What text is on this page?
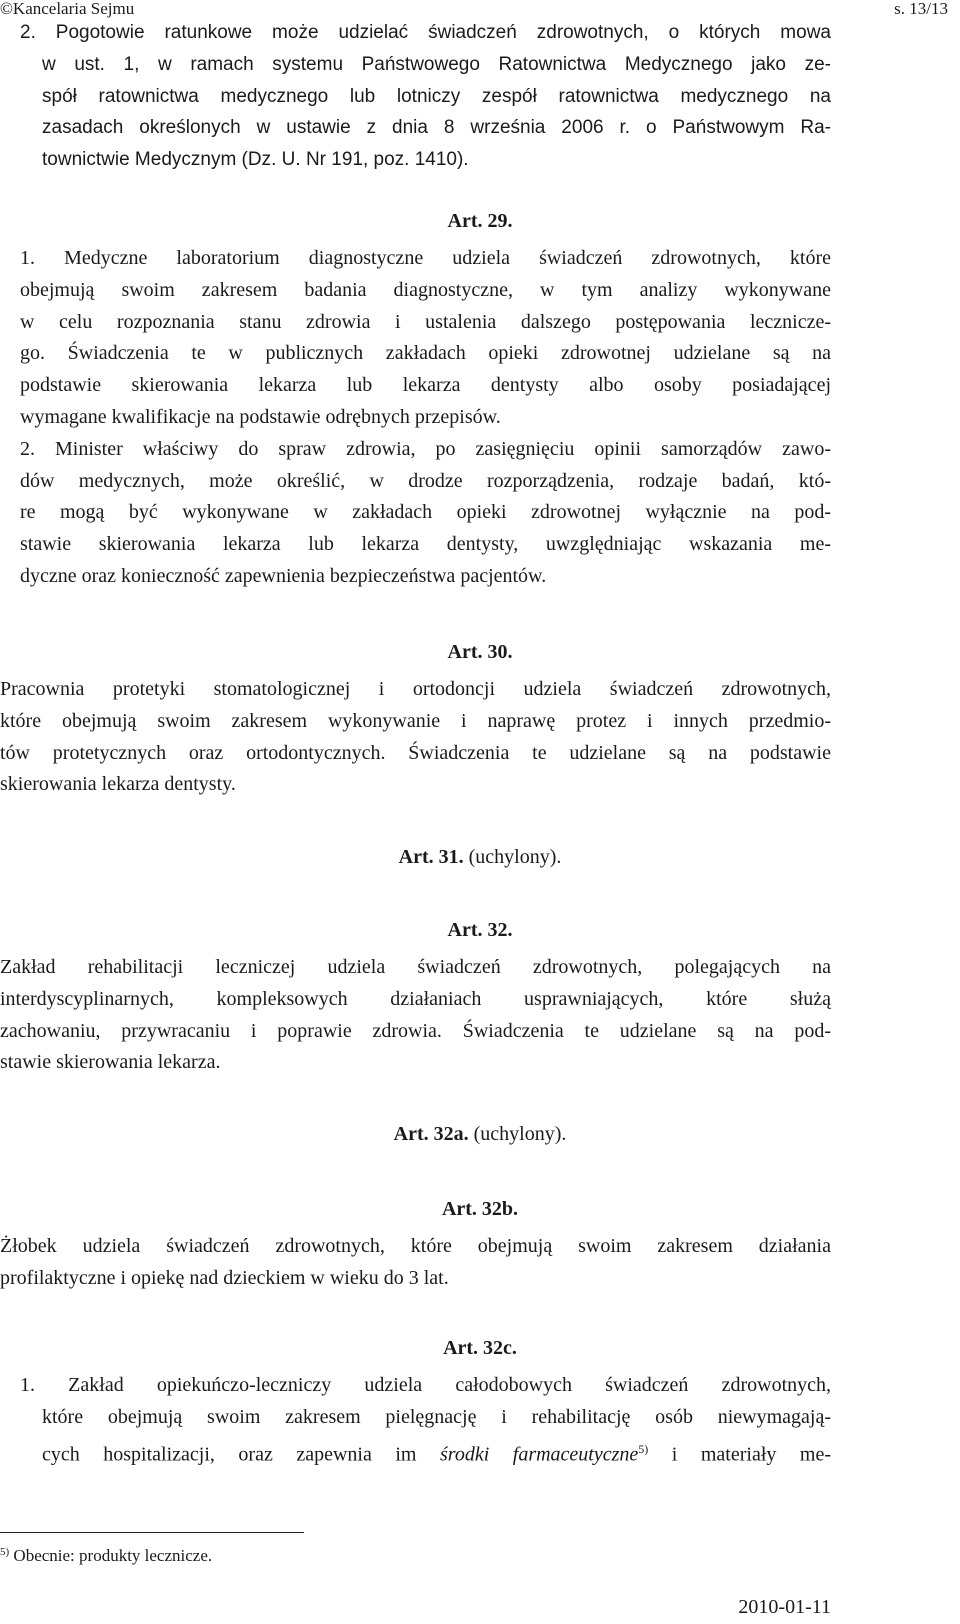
©Kancelaria Sejmu	s. 13/13
2. Pogotowie ratunkowe może udzielać świadczeń zdrowotnych, o których mowa
w ust. 1, w ramach systemu Państwowego Ratownictwa Medycznego jako ze-
spół ratownictwa medycznego lub lotniczy zespół ratownictwa medycznego na
zasadach określonych w ustawie z dnia 8 września 2006 r. o Państwowym Ra-
townictwie Medycznym (Dz. U. Nr 191, poz. 1410).
Art. 29.
1. Medyczne laboratorium diagnostyczne udziela świadczeń zdrowotnych, które
obejmują swoim zakresem badania diagnostyczne, w tym analizy wykonywane
w celu rozpoznania stanu zdrowia i ustalenia dalszego postępowania lecznicze-
go. Świadczenia te w publicznych zakładach opieki zdrowotnej udzielane są na
podstawie skierowania lekarza lub lekarza dentysty albo osoby posiadającej
wymagane kwalifikacje na podstawie odrębnych przepisów.
2. Minister właściwy do spraw zdrowia, po zasięgnięciu opinii samorządów zawo-
dów medycznych, może określić, w drodze rozporządzenia, rodzaje badań, któ-
re mogą być wykonywane w zakładach opieki zdrowotnej wyłącznie na pod-
stawie skierowania lekarza lub lekarza dentysty, uwzględniając wskazania me-
dyczne oraz konieczność zapewnienia bezpieczeństwa pacjentów.
Art. 30.
Pracownia protetyki stomatologicznej i ortodoncji udziela świadczeń zdrowotnych,
które obejmują swoim zakresem wykonywanie i naprawę protez i innych przedmio-
tów protetycznych oraz ortodontycznych. Świadczenia te udzielane są na podstawie
skierowania lekarza dentysty.
Art. 31. (uchylony).
Art. 32.
Zakład rehabilitacji leczniczej udziela świadczeń zdrowotnych, polegających na
interdyscyplinarnych, kompleksowych działaniach usprawniających, które służą
zachowaniu, przywracaniu i poprawie zdrowia. Świadczenia te udzielane są na pod-
stawie skierowania lekarza.
Art. 32a. (uchylony).
Art. 32b.
Żłobek udziela świadczeń zdrowotnych, które obejmują swoim zakresem działania
profilaktyczne i opiekę nad dzieckiem w wieku do 3 lat.
Art. 32c.
1. Zakład opiekuńczo-leczniczy udziela całodobowych świadczeń zdrowotnych,
które obejmują swoim zakresem pielęgnację i rehabilitację osób niewymagają-
cych hospitalizacji, oraz zapewnia im środki farmaceutyczne$^{5)}$ i materiały me-
$^{5)}$ Obecnie: produkty lecznicze.
2010-01-11
